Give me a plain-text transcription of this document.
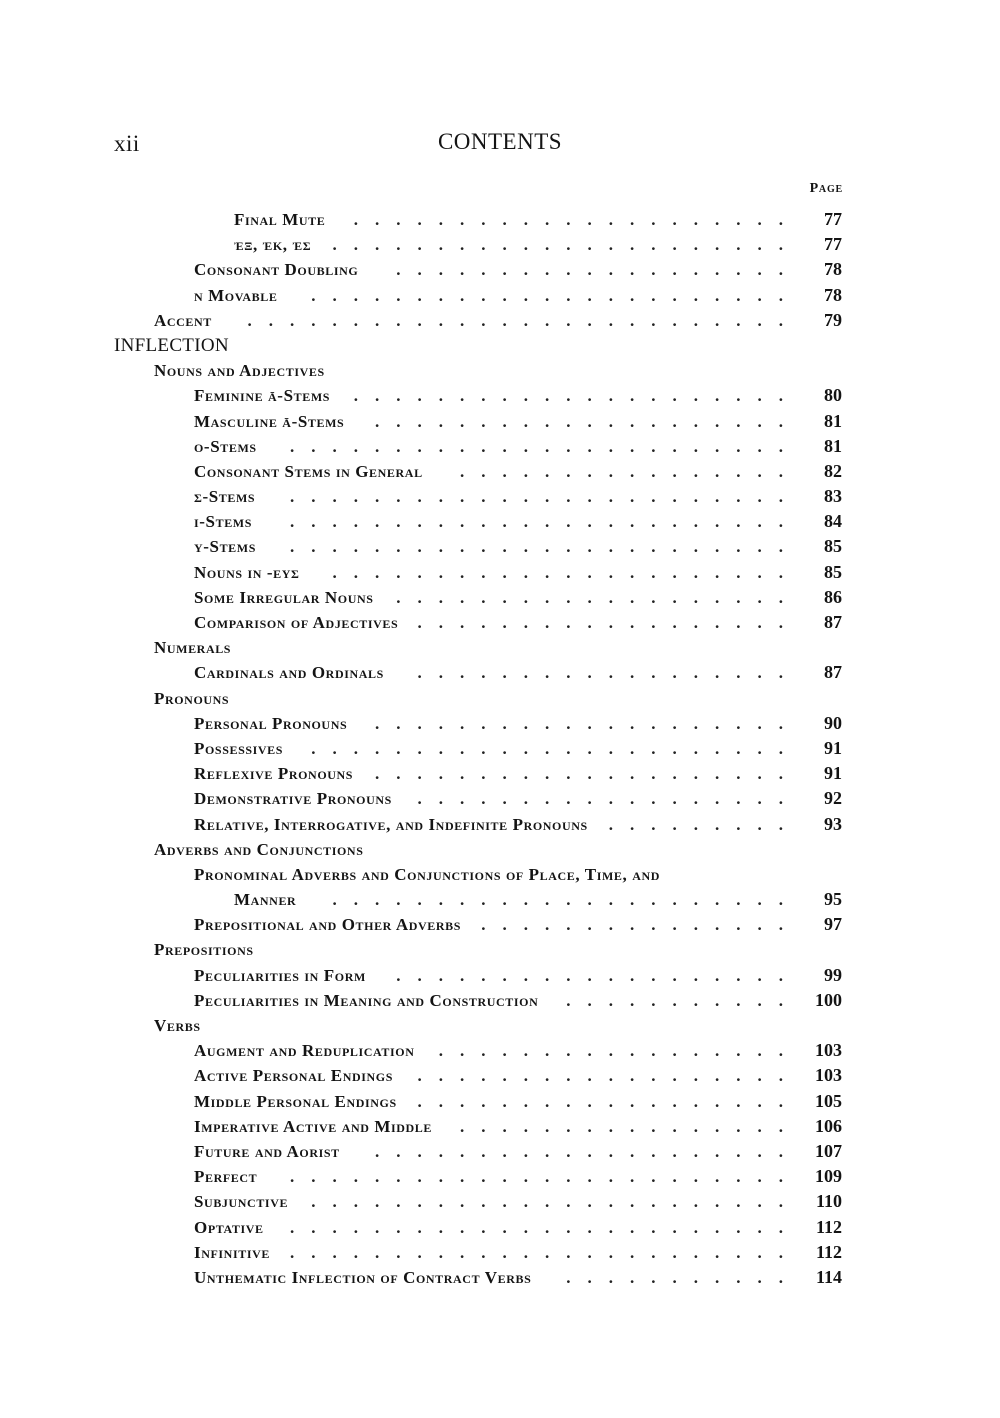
xii	CONTENTS
Page
Final Mute ..................... 77
ἐξ, ἐκ, ἐς ...................... 77
Consonant Doubling ................... 78
ν Movable ....................... 78
Accent .......................... 79
INFLECTION
Nouns and Adjectives
Feminine ᾱ-Stems ..................... 80
Masculine ᾱ-Stems .................... 81
ο-Stems ........................ 81
Consonant Stems in General ................ 82
σ-Stems ........................ 83
ι-Stems ........................ 84
υ-Stems ........................ 85
Nouns in -ευς ...................... 85
Some Irregular Nouns ................... 86
Comparison of Adjectives .................. 87
Numerals
Cardinals and Ordinals .................. 87
Pronouns
Personal Pronouns .................... 90
Possessives ....................... 91
Reflexive Pronouns .................... 91
Demonstrative Pronouns .................. 92
Relative, Interrogative, and Indefinite Pronouns ......... 93
Adverbs and Conjunctions
Pronominal Adverbs and Conjunctions of Place, Time, and
Manner ...................... 95
Prepositional and Other Adverbs ............... 97
Prepositions
Peculiarities in Form ................... 99
Peculiarities in Meaning and Construction ........... 100
Verbs
Augment and Reduplication ................. 103
Active Personal Endings .................. 103
Middle Personal Endings .................. 105
Imperative Active and Middle ................ 106
Future and Aorist .................... 107
Perfect ........................ 109
Subjunctive ....................... 110
Optative ........................ 112
Infinitive ........................ 112
Unthematic Inflection of Contract Verbs ........... 114
